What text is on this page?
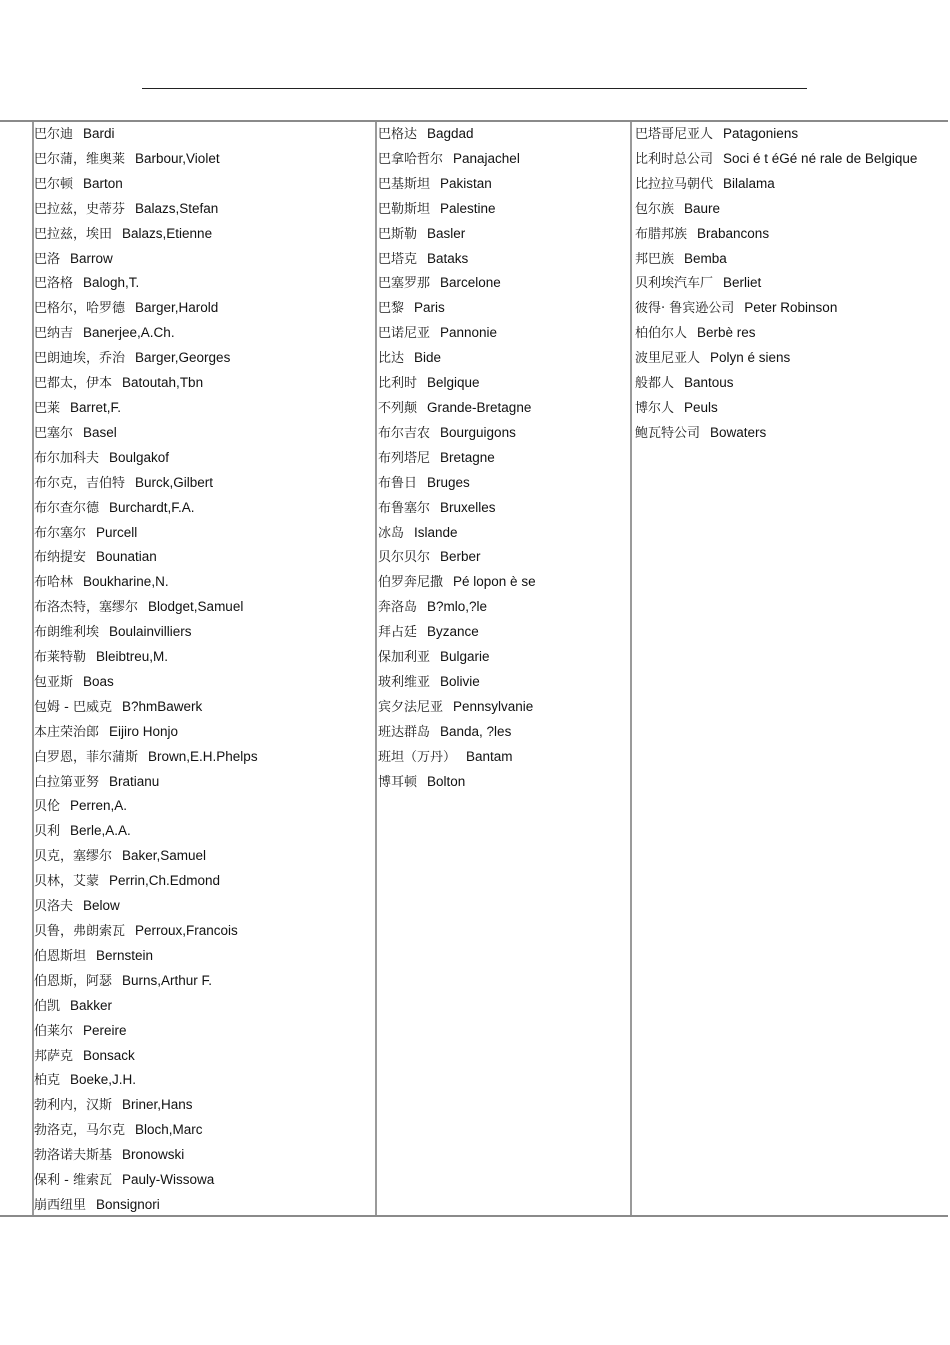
巴尔迪 Bardi
巴尔蒲，维奥莱 Barbour,Violet
巴尔顿 Barton
巴拉兹，史蒂芬 Balazs,Stefan
巴拉兹，埃田 Balazs,Etienne
巴洛 Barrow
巴洛格 Balogh,T.
巴格尔，哈罗德 Barger,Harold
巴纳吉 Banerjee,A.Ch.
巴朗迪埃，乔治 Barger,Georges
巴都太，伊本 Batoutah,Tbn
巴莱 Barret,F.
巴塞尔 Basel
布尔加科夫 Boulgakof
布尔克，吉伯特 Burck,Gilbert
布尔查尔德 Burchardt,F.A.
布尔塞尔 Purcell
布纳提安 Bounatian
布哈林 Boukharine,N.
布洛杰特，塞缪尔 Blodget,Samuel
布朗维利埃 Boulainvilliers
布莱特勒 Bleibtreu,M.
包亚斯 Boas
包姆 - 巴威克 B?hmBawerk
本庄荣治郎 Eijiro Honjo
白罗恩，菲尔蒲斯 Brown,E.H.Phelps
白拉第亚努 Bratianu
贝伦 Perren,A.
贝利 Berle,A.A.
贝克，塞缪尔 Baker,Samuel
贝林，艾蒙 Perrin,Ch.Edmond
贝洛夫 Below
贝鲁，弗朗索瓦 Perroux,Francois
伯恩斯坦 Bernstein
伯恩斯，阿瑟 Burns,Arthur F.
伯凯 Bakker
伯莱尔 Pereire
邦萨克 Bonsack
柏克 Boeke,J.H.
勃利内，汉斯 Briner,Hans
勃洛克，马尔克 Bloch,Marc
勃洛诺夫斯基 Bronowski
保利 - 维索瓦 Pauly-Wissowa
崩西纽里 Bonsignori
巴格达 Bagdad
巴拿哈哲尔 Panajachel
巴基斯坦 Pakistan
巴勒斯坦 Palestine
巴斯勒 Basler
巴塔克 Bataks
巴塞罗那 Barcelone
巴黎 Paris
巴诺尼亚 Pannonie
比达 Bide
比利时 Belgique
不列颠 Grande-Bretagne
布尔吉农 Bourguigons
布列塔尼 Bretagne
布鲁日 Bruges
布鲁塞尔 Bruxelles
冰岛 Islande
贝尔贝尔 Berber
伯罗奔尼撒 Pé lopon è se
奔洛岛 B?mlo,?le
拜占廷 Byzance
保加利亚 Bulgarie
玻利维亚 Bolivie
宾夕法尼亚 Pennsylvanie
班达群岛 Banda, ?les
班坦（万丹） Bantam
博耳顿 Bolton
巴塔哥尼亚人 Patagoniens
比利时总公司 Soci é t éGé né rale de Belgique
比拉拉马朝代 Bilalama
包尔族 Baure
布腊邦族 Brabancons
邦巴族 Bemba
贝利埃汽车厂 Berliet
彼得· 鲁宾逊公司 Peter Robinson
柏伯尔人 Berbè res
波里尼亚人 Polyn é siens
般都人 Bantous
博尔人 Peuls
鲍瓦特公司 Bowaters
